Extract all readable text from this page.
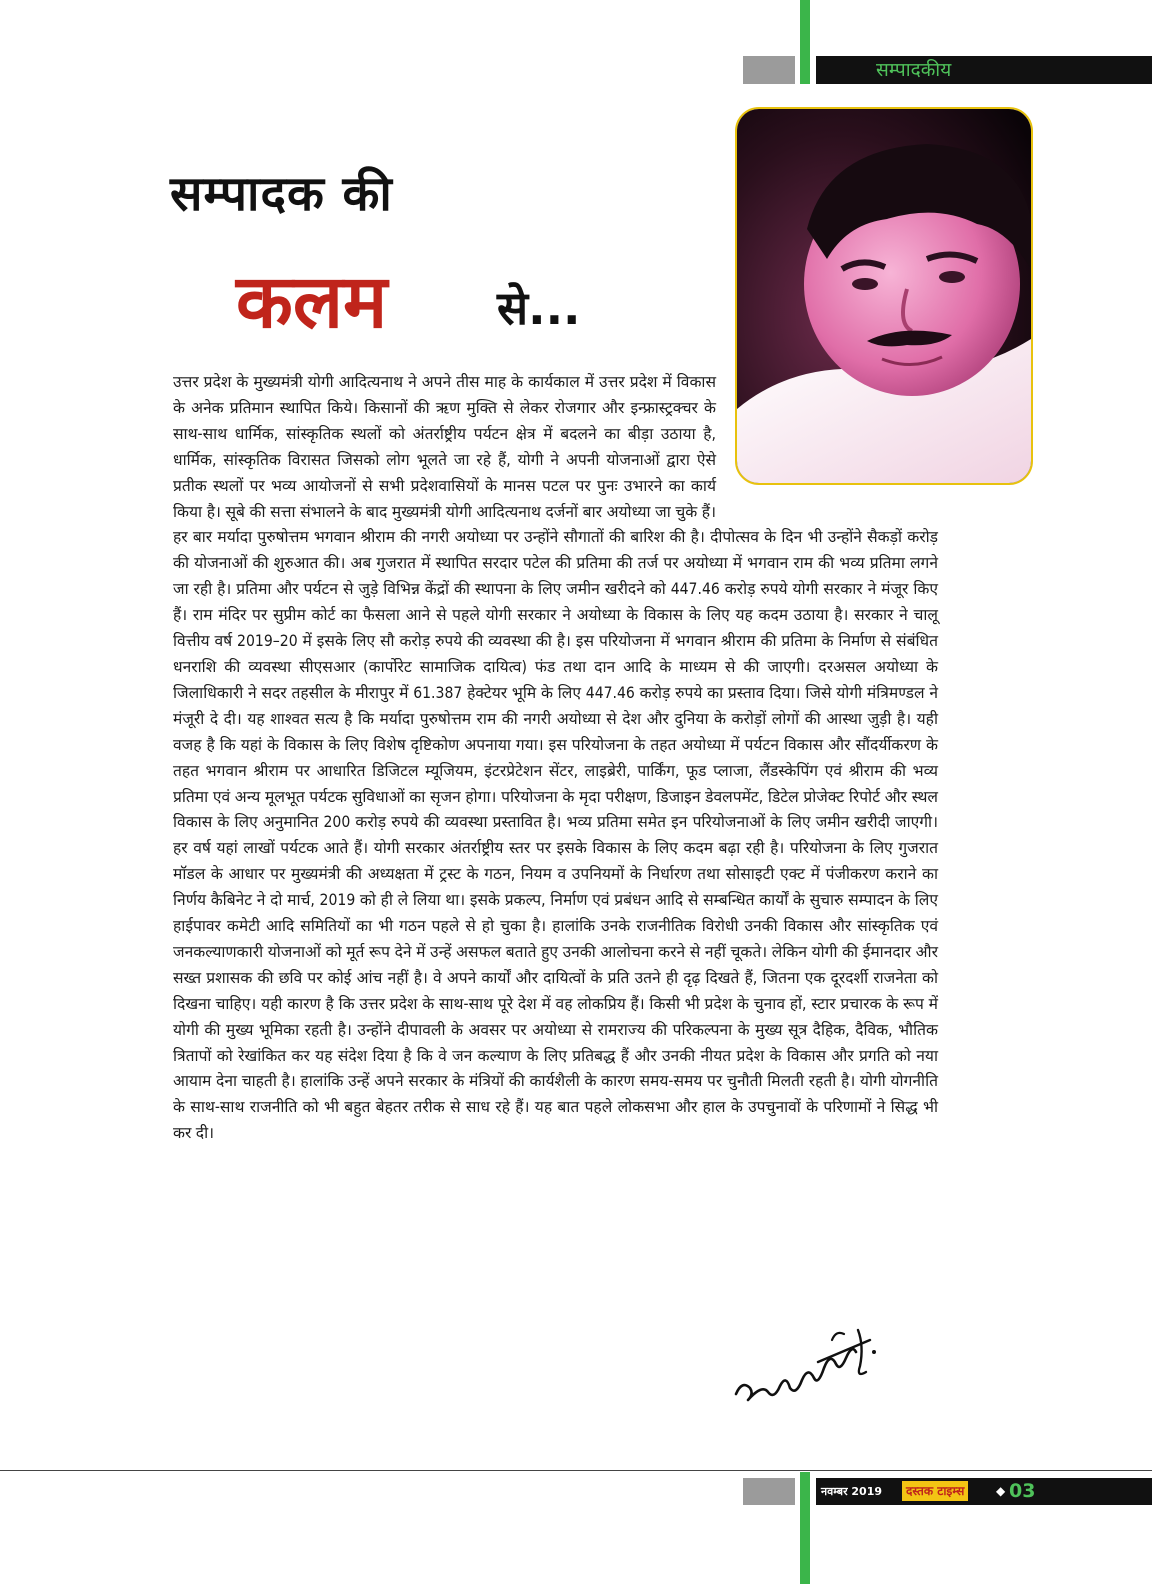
सम्पादकीय
सम्पादक की
कलम से...
उत्तर प्रदेश के मुख्यमंत्री योगी आदित्यनाथ ने अपने तीस माह के कार्यकाल में उत्तर प्रदेश में विकास के अनेक प्रतिमान स्थापित किये। किसानों की ऋण मुक्ति से लेकर रोजगार और इन्फ्रास्ट्रक्चर के साथ-साथ धार्मिक, सांस्कृतिक स्थलों को अंतर्राष्ट्रीय पर्यटन क्षेत्र में बदलने का बीड़ा उठाया है, धार्मिक, सांस्कृतिक विरासत जिसको लोग भूलते जा रहे हैं, योगी ने अपनी योजनाओं द्वारा ऐसे प्रतीक स्थलों पर भव्य आयोजनों से सभी प्रदेशवासियों के मानस पटल पर पुनः उभारने का कार्य किया है। सूबे की सत्ता संभालने के बाद मुख्यमंत्री योगी आदित्यनाथ दर्जनों बार अयोध्या जा चुके हैं। हर बार मर्यादा पुरुषोत्तम भगवान श्रीराम की नगरी अयोध्या पर उन्होंने सौगातों की बारिश की है। दीपोत्सव के दिन भी उन्होंने सैकड़ों करोड़ की योजनाओं की शुरुआत की। अब गुजरात में स्थापित सरदार पटेल की प्रतिमा की तर्ज पर अयोध्या में भगवान राम की भव्य प्रतिमा लगने जा रही है। प्रतिमा और पर्यटन से जुड़े विभिन्न केंद्रों की स्थापना के लिए जमीन खरीदने को 447.46 करोड़ रुपये योगी सरकार ने मंजूर किए हैं। राम मंदिर पर सुप्रीम कोर्ट का फैसला आने से पहले योगी सरकार ने अयोध्या के विकास के लिए यह कदम उठाया है। सरकार ने चालू वित्तीय वर्ष 2019–20 में इसके लिए सौ करोड़ रुपये की व्यवस्था की है। इस परियोजना में भगवान श्रीराम की प्रतिमा के निर्माण से संबंधित धनराशि की व्यवस्था सीएसआर (कार्पोरेट सामाजिक दायित्व) फंड तथा दान आदि के माध्यम से की जाएगी। दरअसल अयोध्या के जिलाधिकारी ने सदर तहसील के मीरापुर में 61.387 हेक्टेयर भूमि के लिए 447.46 करोड़ रुपये का प्रस्ताव दिया। जिसे योगी मंत्रिमण्डल ने मंजूरी दे दी। यह शाश्वत सत्य है कि मर्यादा पुरुषोत्तम राम की नगरी अयोध्या से देश और दुनिया के करोड़ों लोगों की आस्था जुड़ी है। यही वजह है कि यहां के विकास के लिए विशेष दृष्टिकोण अपनाया गया। इस परियोजना के तहत अयोध्या में पर्यटन विकास और सौंदर्यीकरण के तहत भगवान श्रीराम पर आधारित डिजिटल म्यूजियम, इंटरप्रेटेशन सेंटर, लाइब्रेरी, पार्किंग, फूड प्लाजा, लैंडस्केपिंग एवं श्रीराम की भव्य प्रतिमा एवं अन्य मूलभूत पर्यटक सुविधाओं का सृजन होगा। परियोजना के मृदा परीक्षण, डिजाइन डेवलपमेंट, डिटेल प्रोजेक्ट रिपोर्ट और स्थल विकास के लिए अनुमानित 200 करोड़ रुपये की व्यवस्था प्रस्तावित है। भव्य प्रतिमा समेत इन परियोजनाओं के लिए जमीन खरीदी जाएगी। हर वर्ष यहां लाखों पर्यटक आते हैं। योगी सरकार अंतर्राष्ट्रीय स्तर पर इसके विकास के लिए कदम बढ़ा रही है। परियोजना के लिए गुजरात मॉडल के आधार पर मुख्यमंत्री की अध्यक्षता में ट्रस्ट के गठन, नियम व उपनियमों के निर्धारण तथा सोसाइटी एक्ट में पंजीकरण कराने का निर्णय कैबिनेट ने दो मार्च, 2019 को ही ले लिया था। इसके प्रकल्प, निर्माण एवं प्रबंधन आदि से सम्बन्धित कार्यों के सुचारु सम्पादन के लिए हाईपावर कमेटी आदि समितियों का भी गठन पहले से हो चुका है। हालांकि उनके राजनीतिक विरोधी उनकी विकास और सांस्कृतिक एवं जनकल्याणकारी योजनाओं को मूर्त रूप देने में उन्हें असफल बताते हुए उनकी आलोचना करने से नहीं चूकते। लेकिन योगी की ईमानदार और सख्त प्रशासक की छवि पर कोई आंच नहीं है। वे अपने कार्यों और दायित्वों के प्रति उतने ही दृढ़ दिखते हैं, जितना एक दूरदर्शी राजनेता को दिखना चाहिए। यही कारण है कि उत्तर प्रदेश के साथ-साथ पूरे देश में वह लोकप्रिय हैं। किसी भी प्रदेश के चुनाव हों, स्टार प्रचारक के रूप में योगी की मुख्य भूमिका रहती है। उन्होंने दीपावली के अवसर पर अयोध्या से रामराज्य की परिकल्पना के मुख्य सूत्र दैहिक, दैविक, भौतिक त्रितापों को रेखांकित कर यह संदेश दिया है कि वे जन कल्याण के लिए प्रतिबद्ध हैं और उनकी नीयत प्रदेश के विकास और प्रगति को नया आयाम देना चाहती है। हालांकि उन्हें अपने सरकार के मंत्रियों की कार्यशैली के कारण समय-समय पर चुनौती मिलती रहती है। योगी योगनीति के साथ-साथ राजनीति को भी बहुत बेहतर तरीक से साध रहे हैं। यह बात पहले लोकसभा और हाल के उपचुनावों के परिणामों ने सिद्ध भी कर दी।
नवम्बर 2019	दस्तक टाइम्स	◆ 03
